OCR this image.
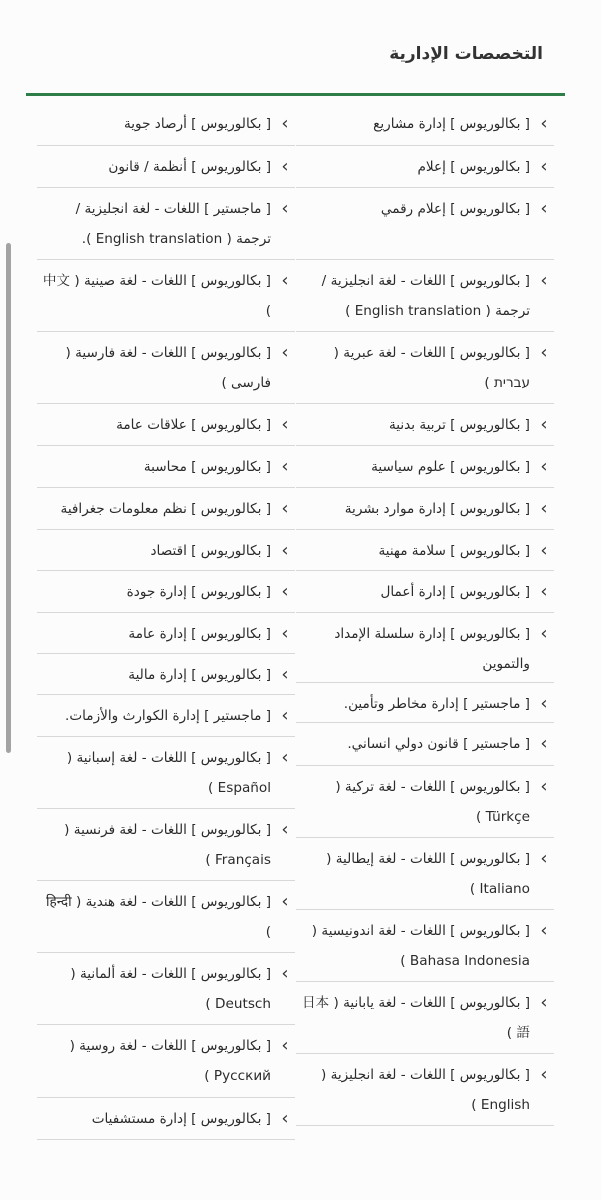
التخصصات الإدارية
›
[ بكالوريوس ] إدارة مشاريع
›
[ بكالوريوس ] إعلام
›
[ بكالوريوس ] إعلام رقمي
›
[ بكالوريوس ] اللغات - لغة انجليزية / ترجمة ( English translation )
›
[ بكالوريوس ] اللغات - لغة عبرية ( עברית )
›
[ بكالوريوس ] تربية بدنية
›
[ بكالوريوس ] علوم سياسية
›
[ بكالوريوس ] إدارة موارد بشرية
›
[ بكالوريوس ] سلامة مهنية
›
[ بكالوريوس ] إدارة أعمال
›
[ بكالوريوس ] إدارة سلسلة الإمداد والتموين
›
[ ماجستير ] إدارة مخاطر وتأمين.
›
[ ماجستير ] قانون دولي انساني.
›
[ بكالوريوس ] اللغات - لغة تركية ( Türkçe )
›
[ بكالوريوس ] اللغات - لغة إيطالية ( Italiano )
›
[ بكالوريوس ] اللغات - لغة اندونيسية ( Bahasa Indonesia )
›
[ بكالوريوس ] اللغات - لغة يابانية ( 日本語 )
›
[ بكالوريوس ] اللغات - لغة انجليزية ( English )
›
[ بكالوريوس ] أرصاد جوية
›
[ بكالوريوس ] أنظمة / قانون
›
[ ماجستير ] اللغات - لغة انجليزية / ترجمة ( English translation ).
›
[ بكالوريوس ] اللغات - لغة صينية ( 中文 )
›
[ بكالوريوس ] اللغات - لغة فارسية ( فارسى )
›
[ بكالوريوس ] علاقات عامة
›
[ بكالوريوس ] محاسبة
›
[ بكالوريوس ] نظم معلومات جغرافية
›
[ بكالوريوس ] اقتصاد
›
[ بكالوريوس ] إدارة جودة
›
[ بكالوريوس ] إدارة عامة
›
[ بكالوريوس ] إدارة مالية
›
[ ماجستير ] إدارة الكوارث والأزمات.
›
[ بكالوريوس ] اللغات - لغة إسبانية ( Español )
›
[ بكالوريوس ] اللغات - لغة فرنسية ( Français )
›
[ بكالوريوس ] اللغات - لغة هندية ( हिन्दी )
›
[ بكالوريوس ] اللغات - لغة ألمانية ( Deutsch )
›
[ بكالوريوس ] اللغات - لغة روسية ( Русский )
›
[ بكالوريوس ] إدارة مستشفيات
